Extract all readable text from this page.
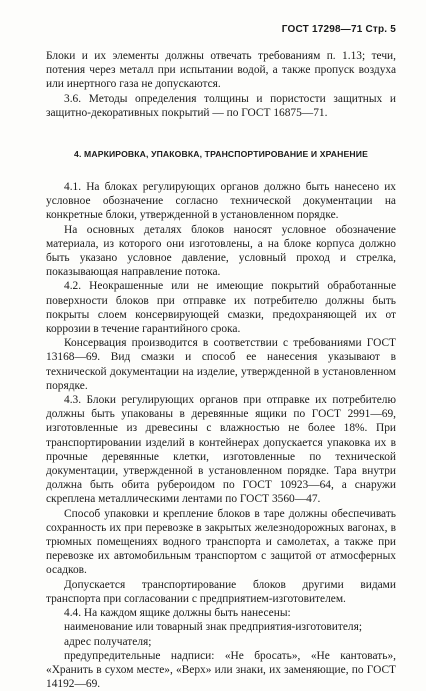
ГОСТ 17298—71 Стр. 5

Блоки и их элементы должны отвечать требованиям п. 1.13; течи, потения через металл при испытании водой, а также пропуск воздуха или инертного газа не допускаются.

3.6. Методы определения толщины и пористости защитных и защитно-декоративных покрытий — по ГОСТ 16875—71.

4. МАРКИРОВКА, УПАКОВКА, ТРАНСПОРТИРОВАНИЕ И ХРАНЕНИЕ

4.1. На блоках регулирующих органов должно быть нанесено их условное обозначение согласно технической документации на конкретные блоки, утвержденной в установленном порядке.

На основных деталях блоков наносят условное обозначение материала, из которого они изготовлены, а на блоке корпуса должно быть указано условное давление, условный проход и стрелка, показывающая направление потока.

4.2. Неокрашенные или не имеющие покрытий обработанные поверхности блоков при отправке их потребителю должны быть покрыты слоем консервирующей смазки, предохраняющей их от коррозии в течение гарантийного срока.

Консервация производится в соответствии с требованиями ГОСТ 13168—69. Вид смазки и способ ее нанесения указывают в технической документации на изделие, утвержденной в установленном порядке.

4.3. Блоки регулирующих органов при отправке их потребителю должны быть упакованы в деревянные ящики по ГОСТ 2991—69, изготовленные из древесины с влажностью не более 18%. При транспортировании изделий в контейнерах допускается упаковка их в прочные деревянные клетки, изготовленные по технической документации, утвержденной в установленном порядке. Тара внутри должна быть обита рубероидом по ГОСТ 10923—64, а снаружи скреплена металлическими лентами по ГОСТ 3560—47.

Способ упаковки и крепление блоков в таре должны обеспечивать сохранность их при перевозке в закрытых железнодорожных вагонах, в трюмных помещениях водного транспорта и самолетах, а также при перевозке их автомобильным транспортом с защитой от атмосферных осадков.

Допускается транспортирование блоков другими видами транспорта при согласовании с предприятием-изготовителем.

4.4. На каждом ящике должны быть нанесены:

наименование или товарный знак предприятия-изготовителя;

адрес получателя;

предупредительные надписи: «Не бросать», «Не кантовать», «Хранить в сухом месте», «Верх» или знаки, их заменяющие, по ГОСТ 14192—69.
